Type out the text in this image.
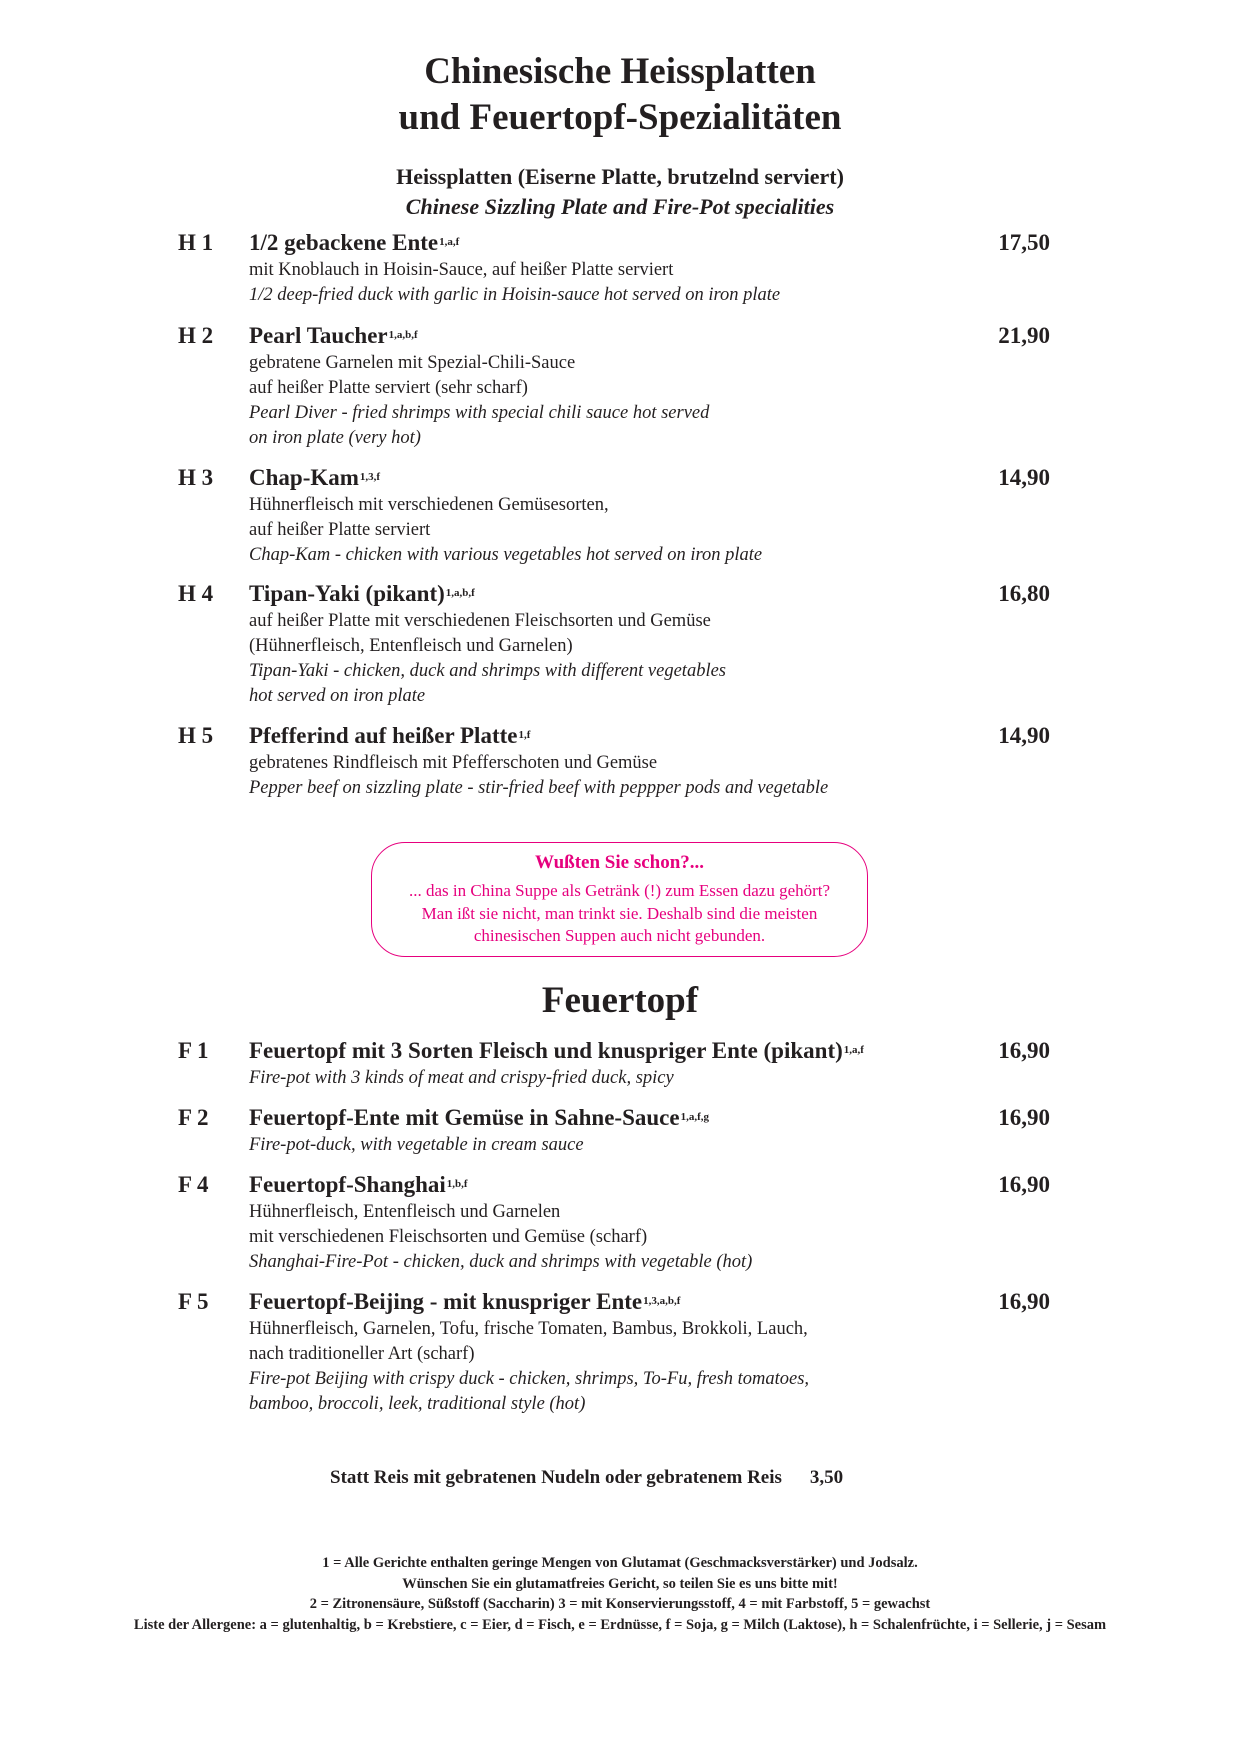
Chinesische Heissplatten
und Feuertopf-Spezialitäten
Heissplatten (Eiserne Platte, brutzelnd serviert)
Chinese Sizzling Plate and Fire-Pot specialities
H 1 1/2 gebackene Ente$^{1,a,f}$	17,50
mit Knoblauch in Hoisin-Sauce, auf heißer Platte serviert
1/2 deep-fried duck with garlic in Hoisin-sauce hot served on iron plate
H 2 Pearl Taucher$^{1,a,b,f}$	21,90
gebratene Garnelen mit Spezial-Chili-Sauce
auf heißer Platte serviert (sehr scharf)
Pearl Diver - fried shrimps with special chili sauce hot served
on iron plate (very hot)
H 3 Chap-Kam$^{1,3,f}$	14,90
Hühnerfleisch mit verschiedenen Gemüsesorten,
auf heißer Platte serviert
Chap-Kam - chicken with various vegetables hot served on iron plate
H 4 Tipan-Yaki (pikant)$^{1,a,b,f}$	16,80
auf heißer Platte mit verschiedenen Fleischsorten und Gemüse
(Hühnerfleisch, Entenfleisch und Garnelen)
Tipan-Yaki - chicken, duck and shrimps with different vegetables
hot served on iron plate
H 5 Pfefferind auf heißer Platte$^{1,f}$	14,90
gebratenes Rindfleisch mit Pfefferschoten und Gemüse
Pepper beef on sizzling plate - stir-fried beef with peppper pods and vegetable
Wußten Sie schon?...
... das in China Suppe als Getränk (!) zum Essen dazu gehört?
Man ißt sie nicht, man trinkt sie. Deshalb sind die meisten
chinesischen Suppen auch nicht gebunden.
Feuertopf
F 1 Feuertopf mit 3 Sorten Fleisch und knuspriger Ente (pikant)$^{1,a,f}$	16,90
Fire-pot with 3 kinds of meat and crispy-fried duck, spicy
F 2 Feuertopf-Ente mit Gemüse in Sahne-Sauce$^{1,a,f,g}$	16,90
Fire-pot-duck, with vegetable in cream sauce
F 4 Feuertopf-Shanghai$^{1,b,f}$	16,90
Hühnerfleisch, Entenfleisch und Garnelen
mit verschiedenen Fleischsorten und Gemüse (scharf)
Shanghai-Fire-Pot - chicken, duck and shrimps with vegetable (hot)
F 5 Feuertopf-Beijing - mit knuspriger Ente$^{1,3,a,b,f}$	16,90
Hühnerfleisch, Garnelen, Tofu, frische Tomaten, Bambus, Brokkoli, Lauch,
nach traditioneller Art (scharf)
Fire-pot Beijing with crispy duck - chicken, shrimps, To-Fu, fresh tomatoes,
bamboo, broccoli, leek, traditional style (hot)
Statt Reis mit gebratenen Nudeln oder gebratenem Reis 3,50
1 = Alle Gerichte enthalten geringe Mengen von Glutamat (Geschmacksverstärker) und Jodsalz.
Wünschen Sie ein glutamatfreies Gericht, so teilen Sie es uns bitte mit!
2 = Zitronensäure, Süßstoff (Saccharin) 3 = mit Konservierungsstoff, 4 = mit Farbstoff, 5 = gewachst
Liste der Allergene: a = glutenhaltig, b = Krebstiere, c = Eier, d = Fisch, e = Erdnüsse, f = Soja, g = Milch (Laktose), h = Schalenfrüchte, i = Sellerie, j = Sesam
